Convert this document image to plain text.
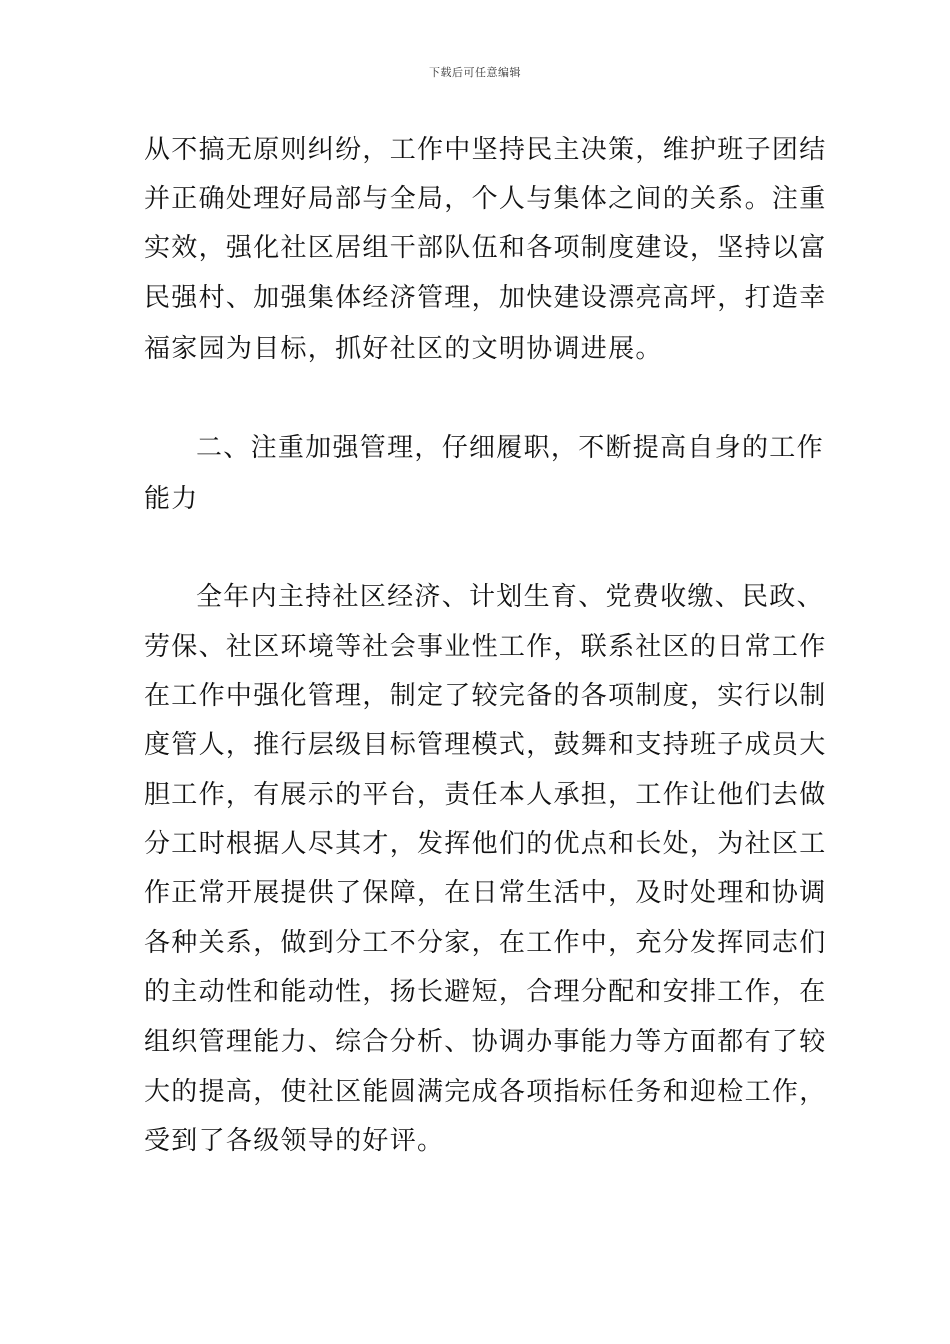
下载后可任意编辑
从不搞无原则纠纷，工作中坚持民主决策，维护班子团结
并正确处理好局部与全局，个人与集体之间的关系。注重
实效，强化社区居组干部队伍和各项制度建设，坚持以富
民强村、加强集体经济管理，加快建设漂亮高坪，打造幸
福家园为目标，抓好社区的文明协调进展。
二、注重加强管理，仔细履职，不断提高自身的工作
能力
全年内主持社区经济、计划生育、党费收缴、民政、
劳保、社区环境等社会事业性工作，联系社区的日常工作
在工作中强化管理，制定了较完备的各项制度，实行以制
度管人，推行层级目标管理模式，鼓舞和支持班子成员大
胆工作，有展示的平台，责任本人承担，工作让他们去做
分工时根据人尽其才，发挥他们的优点和长处，为社区工
作正常开展提供了保障，在日常生活中，及时处理和协调
各种关系，做到分工不分家，在工作中，充分发挥同志们
的主动性和能动性，扬长避短，合理分配和安排工作，在
组织管理能力、综合分析、协调办事能力等方面都有了较
大的提高，使社区能圆满完成各项指标任务和迎检工作，
受到了各级领导的好评。
